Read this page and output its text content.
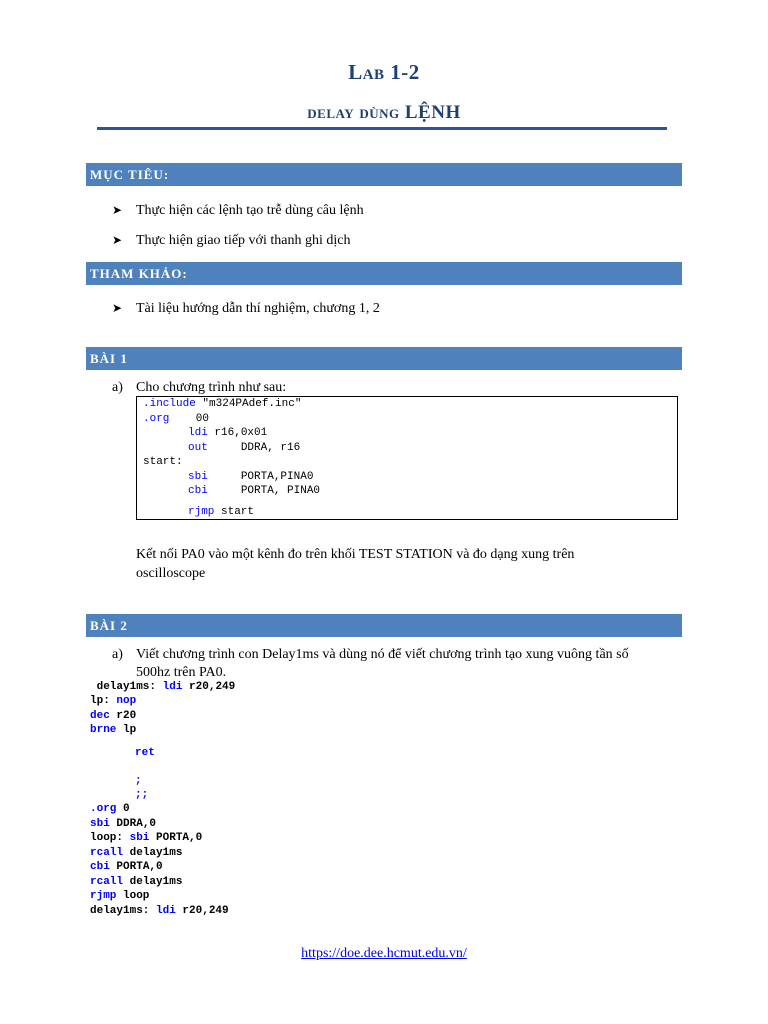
Lab 1-2
delay dùng LỆNH
MỤC TIÊU:
➤ Thực hiện các lệnh tạo trễ dùng câu lệnh
➤ Thực hiện giao tiếp với thanh ghi dịch
THAM KHẢO:
➤ Tài liệu hướng dẫn thí nghiệm, chương 1, 2
BÀI 1
a) Cho chương trình như sau:
.include "m324PAdef.inc"
.org    00
ldi r16,0x01
out     DDRA, r16
start:
sbi     PORTA,PINA0
cbi     PORTA, PINA0
rjmp start
Kết nối PA0 vào một kênh đo trên khối TEST STATION và đo dạng xung trên
oscilloscope
BÀI 2
a) Viết chương trình con Delay1ms và dùng nó để viết chương trình tạo xung vuông tần số
500hz trên PA0.
delay1ms: ldi r20,249
lp: nop
dec r20
brne lp
ret
;
;;
.org 0
sbi DDRA,0
loop: sbi PORTA,0
rcall delay1ms
cbi PORTA,0
rcall delay1ms
rjmp loop
delay1ms: ldi r20,249
https://doe.dee.hcmut.edu.vn/
